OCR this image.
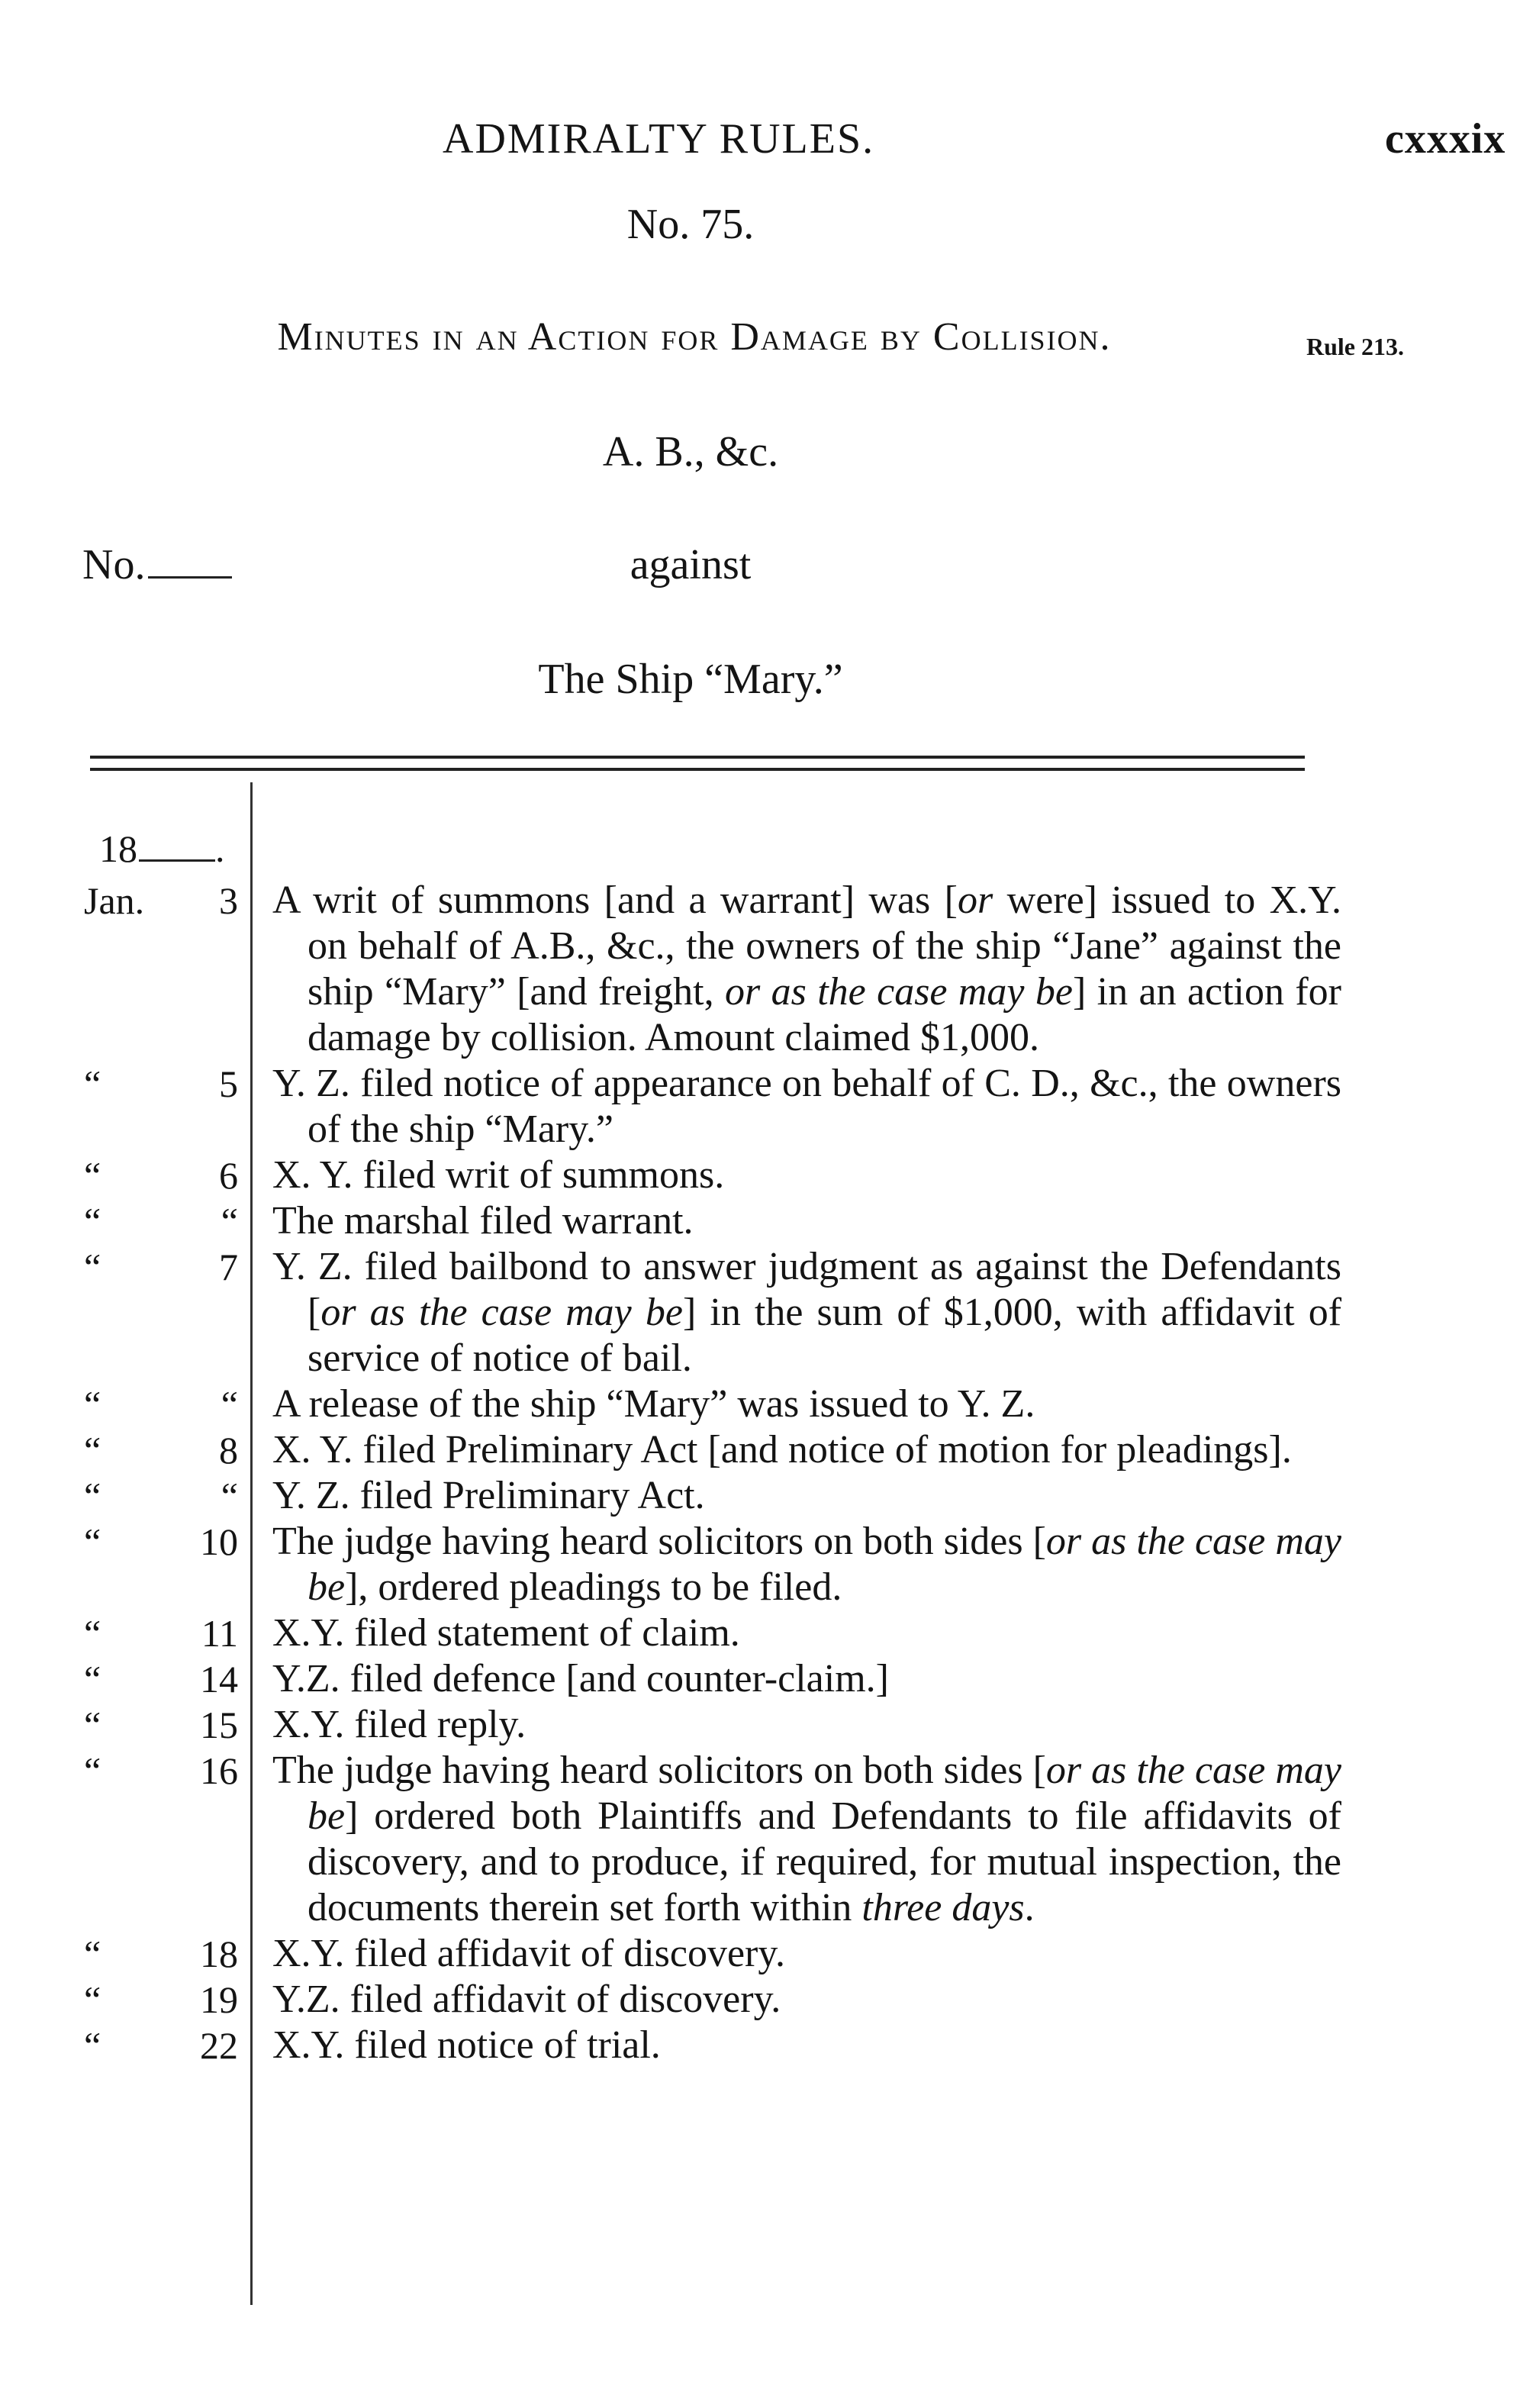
ADMIRALTY RULES.	cxxxix
No. 75.
Minutes in an Action for Damage by Collision.	Rule 213.
A. B., &c.
No.	against
The Ship “Mary.”
18 .
Jan. 3 A writ of summons [and a warrant] was [or were] issued to X.Y. on behalf of A.B., &c., the owners of the ship “Jane” against the ship “Mary” [and freight, or as the case may be] in an action for damage by collision. Amount claimed $1,000.
“	5 Y. Z. filed notice of appearance on behalf of C. D., &c., the owners of the ship “Mary.”
“	6 X. Y. filed writ of summons.
“	“ The marshal filed warrant.
“	7 Y. Z. filed bailbond to answer judgment as against the Defendants [or as the case may be] in the sum of $1,000, with affidavit of service of notice of bail.
“	“ A release of the ship “Mary” was issued to Y. Z.
“	8 X. Y. filed Preliminary Act [and notice of motion for pleadings].
“	“ Y. Z. filed Preliminary Act.
“	10 The judge having heard solicitors on both sides [or as the case may be], ordered pleadings to be filed.
“	11 X.Y. filed statement of claim.
“	14 Y.Z. filed defence [and counter-claim.]
“	15 X.Y. filed reply.
“	16 The judge having heard solicitors on both sides [or as the case may be] ordered both Plaintiffs and Defendants to file affidavits of discovery, and to produce, if required, for mutual inspection, the documents therein set forth within three days.
“	18 X.Y. filed affidavit of discovery.
“	19 Y.Z. filed affidavit of discovery.
“	22 X.Y. filed notice of trial.
